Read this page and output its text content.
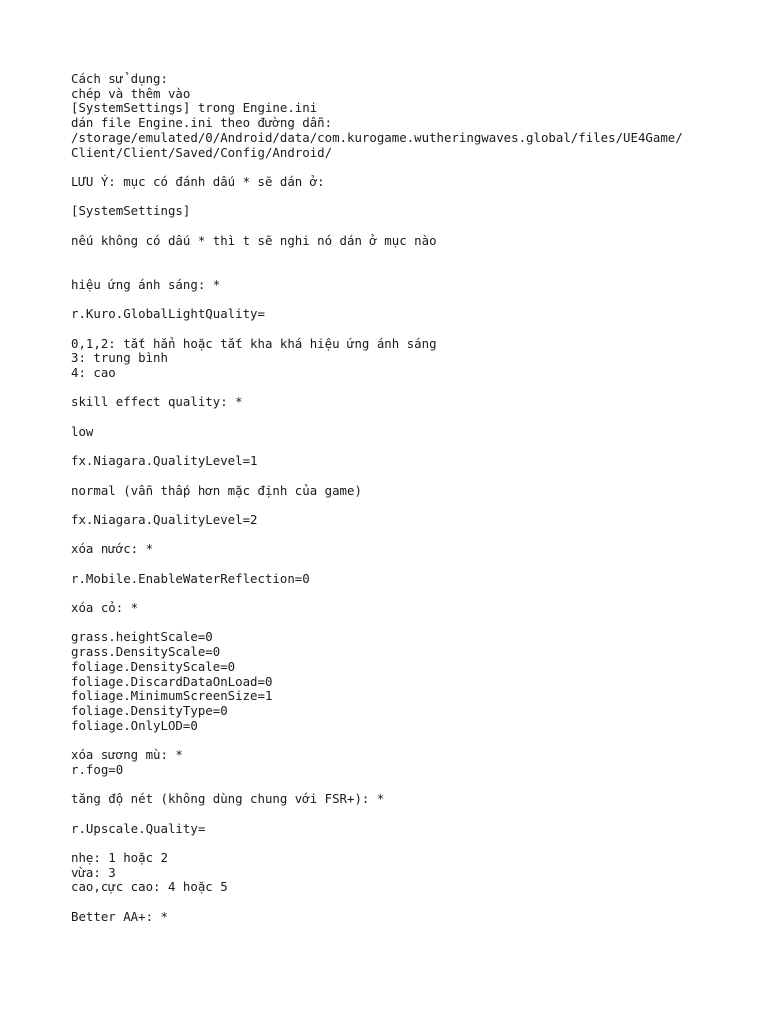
Cách sử dụng:
chép và thêm vào
[SystemSettings] trong Engine.ini
dán file Engine.ini theo đường dẫn:
/storage/emulated/0/Android/data/com.kurogame.wutheringwaves.global/files/UE4Game/
Client/Client/Saved/Config/Android/
LƯU Ý: mục có đánh dấu * sẽ dán ở:
[SystemSettings]
nếu không có dấu * thì t sẽ nghi nó dán ở mục nào
hiệu ứng ánh sáng: *
r.Kuro.GlobalLightQuality=
0,1,2: tắt hẳn hoặc tắt kha khá hiệu ứng ánh sáng
3: trung bình
4: cao
skill effect quality: *
low
fx.Niagara.QualityLevel=1
normal (vẫn thấp hơn mặc định của game)
fx.Niagara.QualityLevel=2
xóa nước: *
r.Mobile.EnableWaterReflection=0
xóa cỏ: *
grass.heightScale=0
grass.DensityScale=0
foliage.DensityScale=0
foliage.DiscardDataOnLoad=0
foliage.MinimumScreenSize=1
foliage.DensityType=0
foliage.OnlyLOD=0
xóa sương mù: *
r.fog=0
tăng độ nét (không dùng chung với FSR+): *
r.Upscale.Quality=
nhẹ: 1 hoặc 2
vừa: 3
cao,cực cao: 4 hoặc 5
Better AA+: *
